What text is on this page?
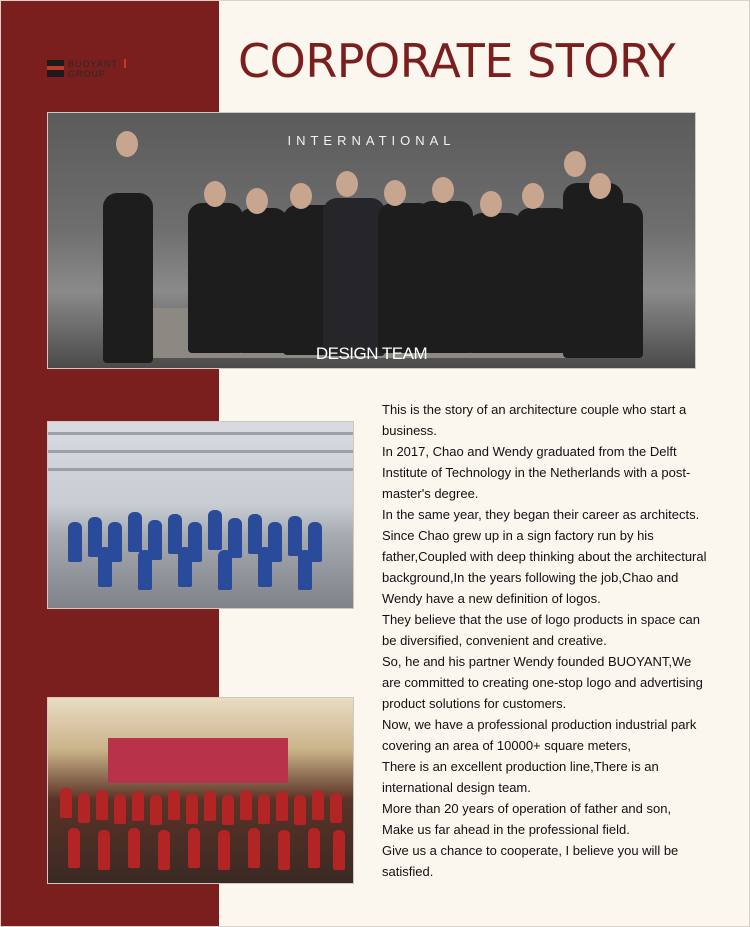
BUOYANT
GROUP	CORPORATE STORY
INTERNATIONAL
DESIGN TEAM

This is the story of an architecture couple who start a business.

In 2017, Chao and Wendy graduated from the Delft Institute of Technology in the Netherlands with a post-master's degree.

In the same year, they began their career as architects.

Since Chao grew up in a sign factory run by his father,Coupled with deep thinking about the architectural background,In the years following the job,Chao and Wendy have a new definition of logos.

They believe that the use of logo products in space can be diversified, convenient and creative.

So, he and his partner Wendy founded BUOYANT,We are committed to creating one-stop logo and advertising product solutions for customers.

Now, we have a professional production industrial park covering an area of 10000+ square meters,

There is an excellent production line,There is an international design team.

More than 20 years of operation of father and son,

Make us far ahead in the professional field.

Give us a chance to cooperate, I believe you will be satisfied.
